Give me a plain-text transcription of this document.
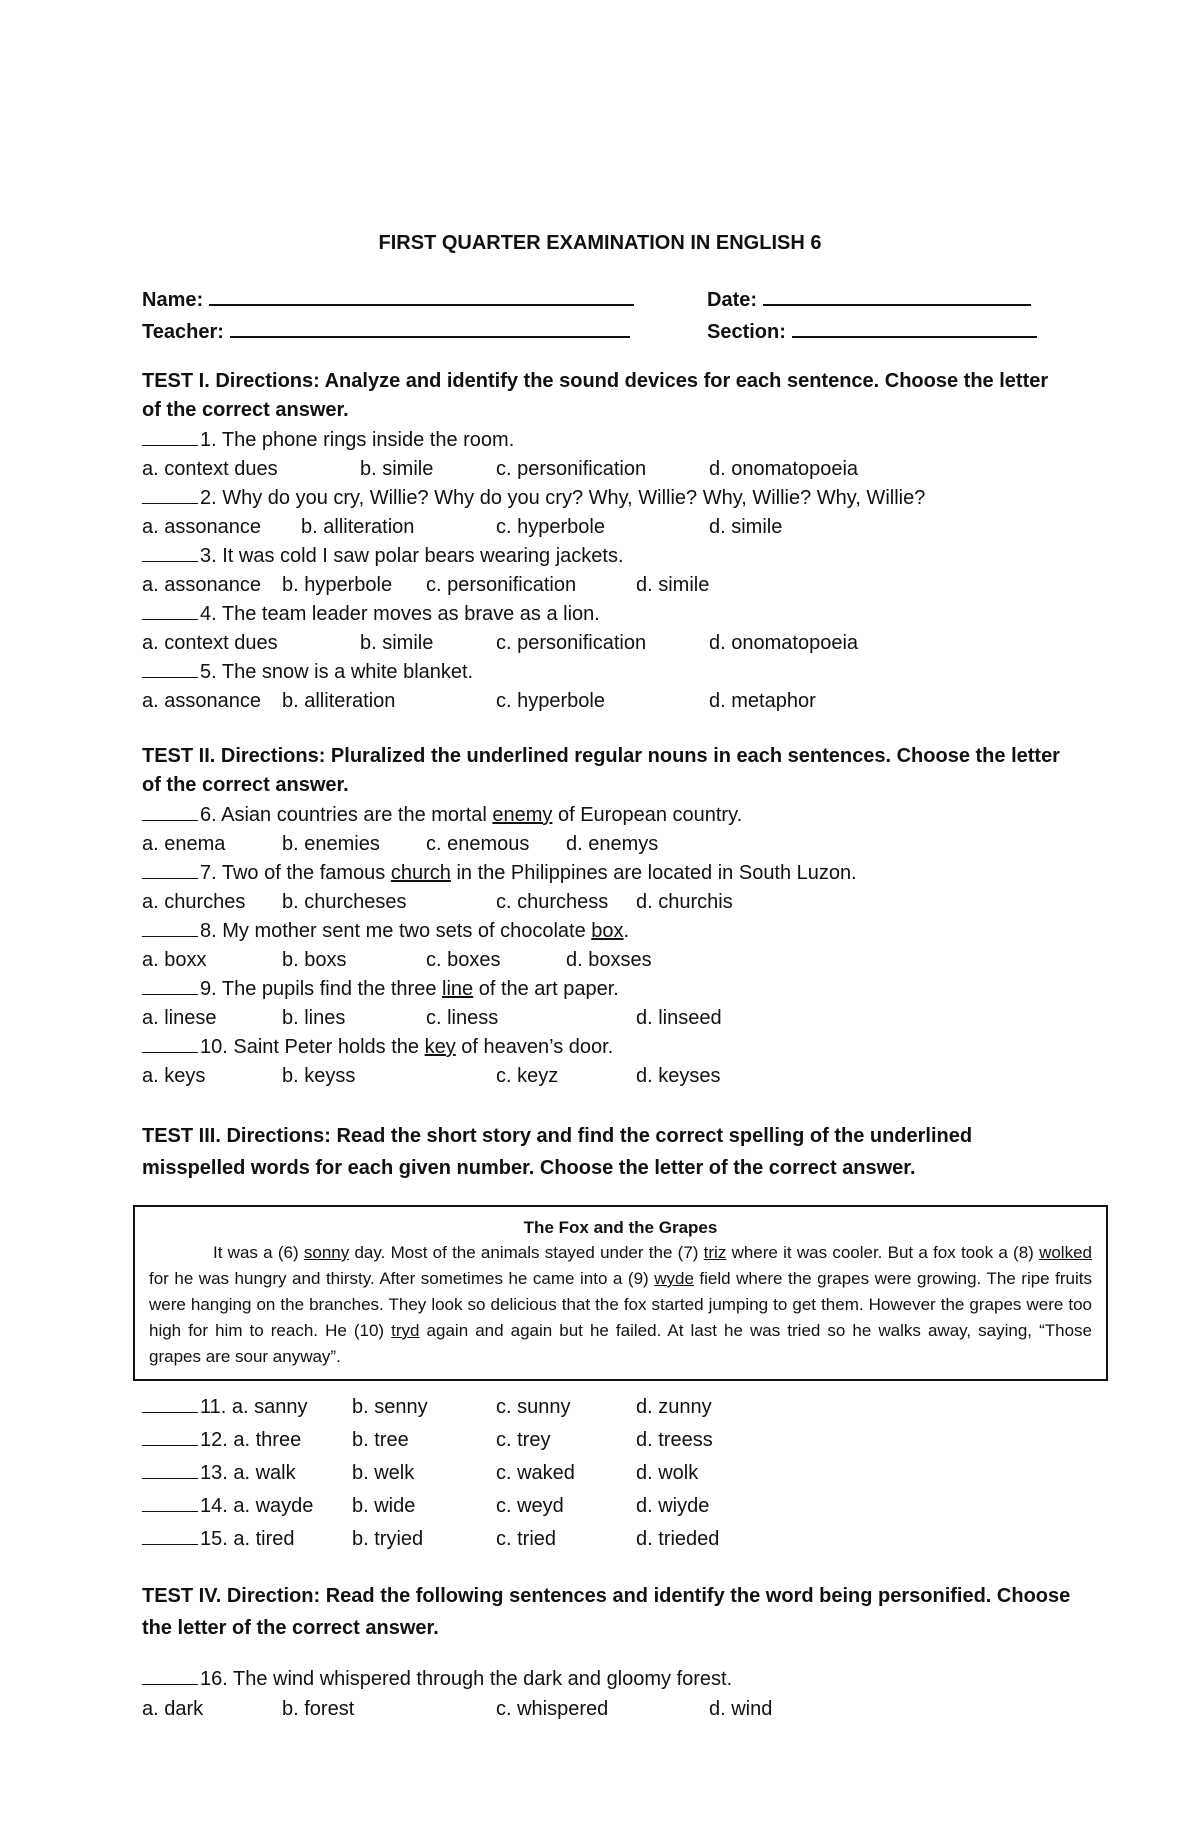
FIRST QUARTER EXAMINATION IN ENGLISH 6
Name:	Date:
Teacher:	Section:
TEST I. Directions: Analyze and identify the sound devices for each sentence. Choose the letter of the correct answer.
1. The phone rings inside the room.
a. context dues	b. simile	c. personification	d. onomatopoeia
2. Why do you cry, Willie? Why do you cry? Why, Willie? Why, Willie? Why, Willie?
a. assonance b. alliteration	c. hyperbole	d. simile
3. It was cold I saw polar bears wearing jackets.
a. assonance b. hyperbole c. personification	d. simile
4. The team leader moves as brave as a lion.
a. context dues	b. simile	c. personification	d. onomatopoeia
5. The snow is a white blanket.
a. assonance b. alliteration	c. hyperbole	d. metaphor
TEST II. Directions: Pluralized the underlined regular nouns in each sentences. Choose the letter of the correct answer.
6. Asian countries are the mortal enemy of European country.
a. enema	b. enemies c. enemous d. enemys
7. Two of the famous church in the Philippines are located in South Luzon.
a. churches b. churcheses	c. churchess d. churchis
8. My mother sent me two sets of chocolate box.
a. boxx	b. boxs	c. boxes	d. boxses
9. The pupils find the three line of the art paper.
a. linese	b. lines	c. liness	d. linseed
10. Saint Peter holds the key of heaven’s door.
a. keys	b. keyss	c. keyz	d. keyses
TEST III. Directions: Read the short story and find the correct spelling of the underlined misspelled words for each given number. Choose the letter of the correct answer.
The Fox and the Grapes
It was a (6) sonny day. Most of the animals stayed under the (7) triz where it was cooler. But a fox took a (8) wolked for he was hungry and thirsty. After sometimes he came into a (9) wyde field where the grapes were growing. The ripe fruits were hanging on the branches. They look so delicious that the fox started jumping to get them. However the grapes were too high for him to reach. He (10) tryd again and again but he failed. At last he was tried so he walks away, saying, “Those grapes are sour anyway”.
11. a. sanny b. senny	c. sunny	d. zunny
12. a. three	b. tree	c. trey	d. treess
13. a. walk	b. welk	c. waked	d. wolk
14. a. wayde b. wide	c. weyd	d. wiyde
15. a. tired	b. tryied	c. tried	d. trieded
TEST IV. Direction: Read the following sentences and identify the word being personified. Choose the letter of the correct answer.
16. The wind whispered through the dark and gloomy forest.
a. dark	b. forest	c. whispered	d. wind
